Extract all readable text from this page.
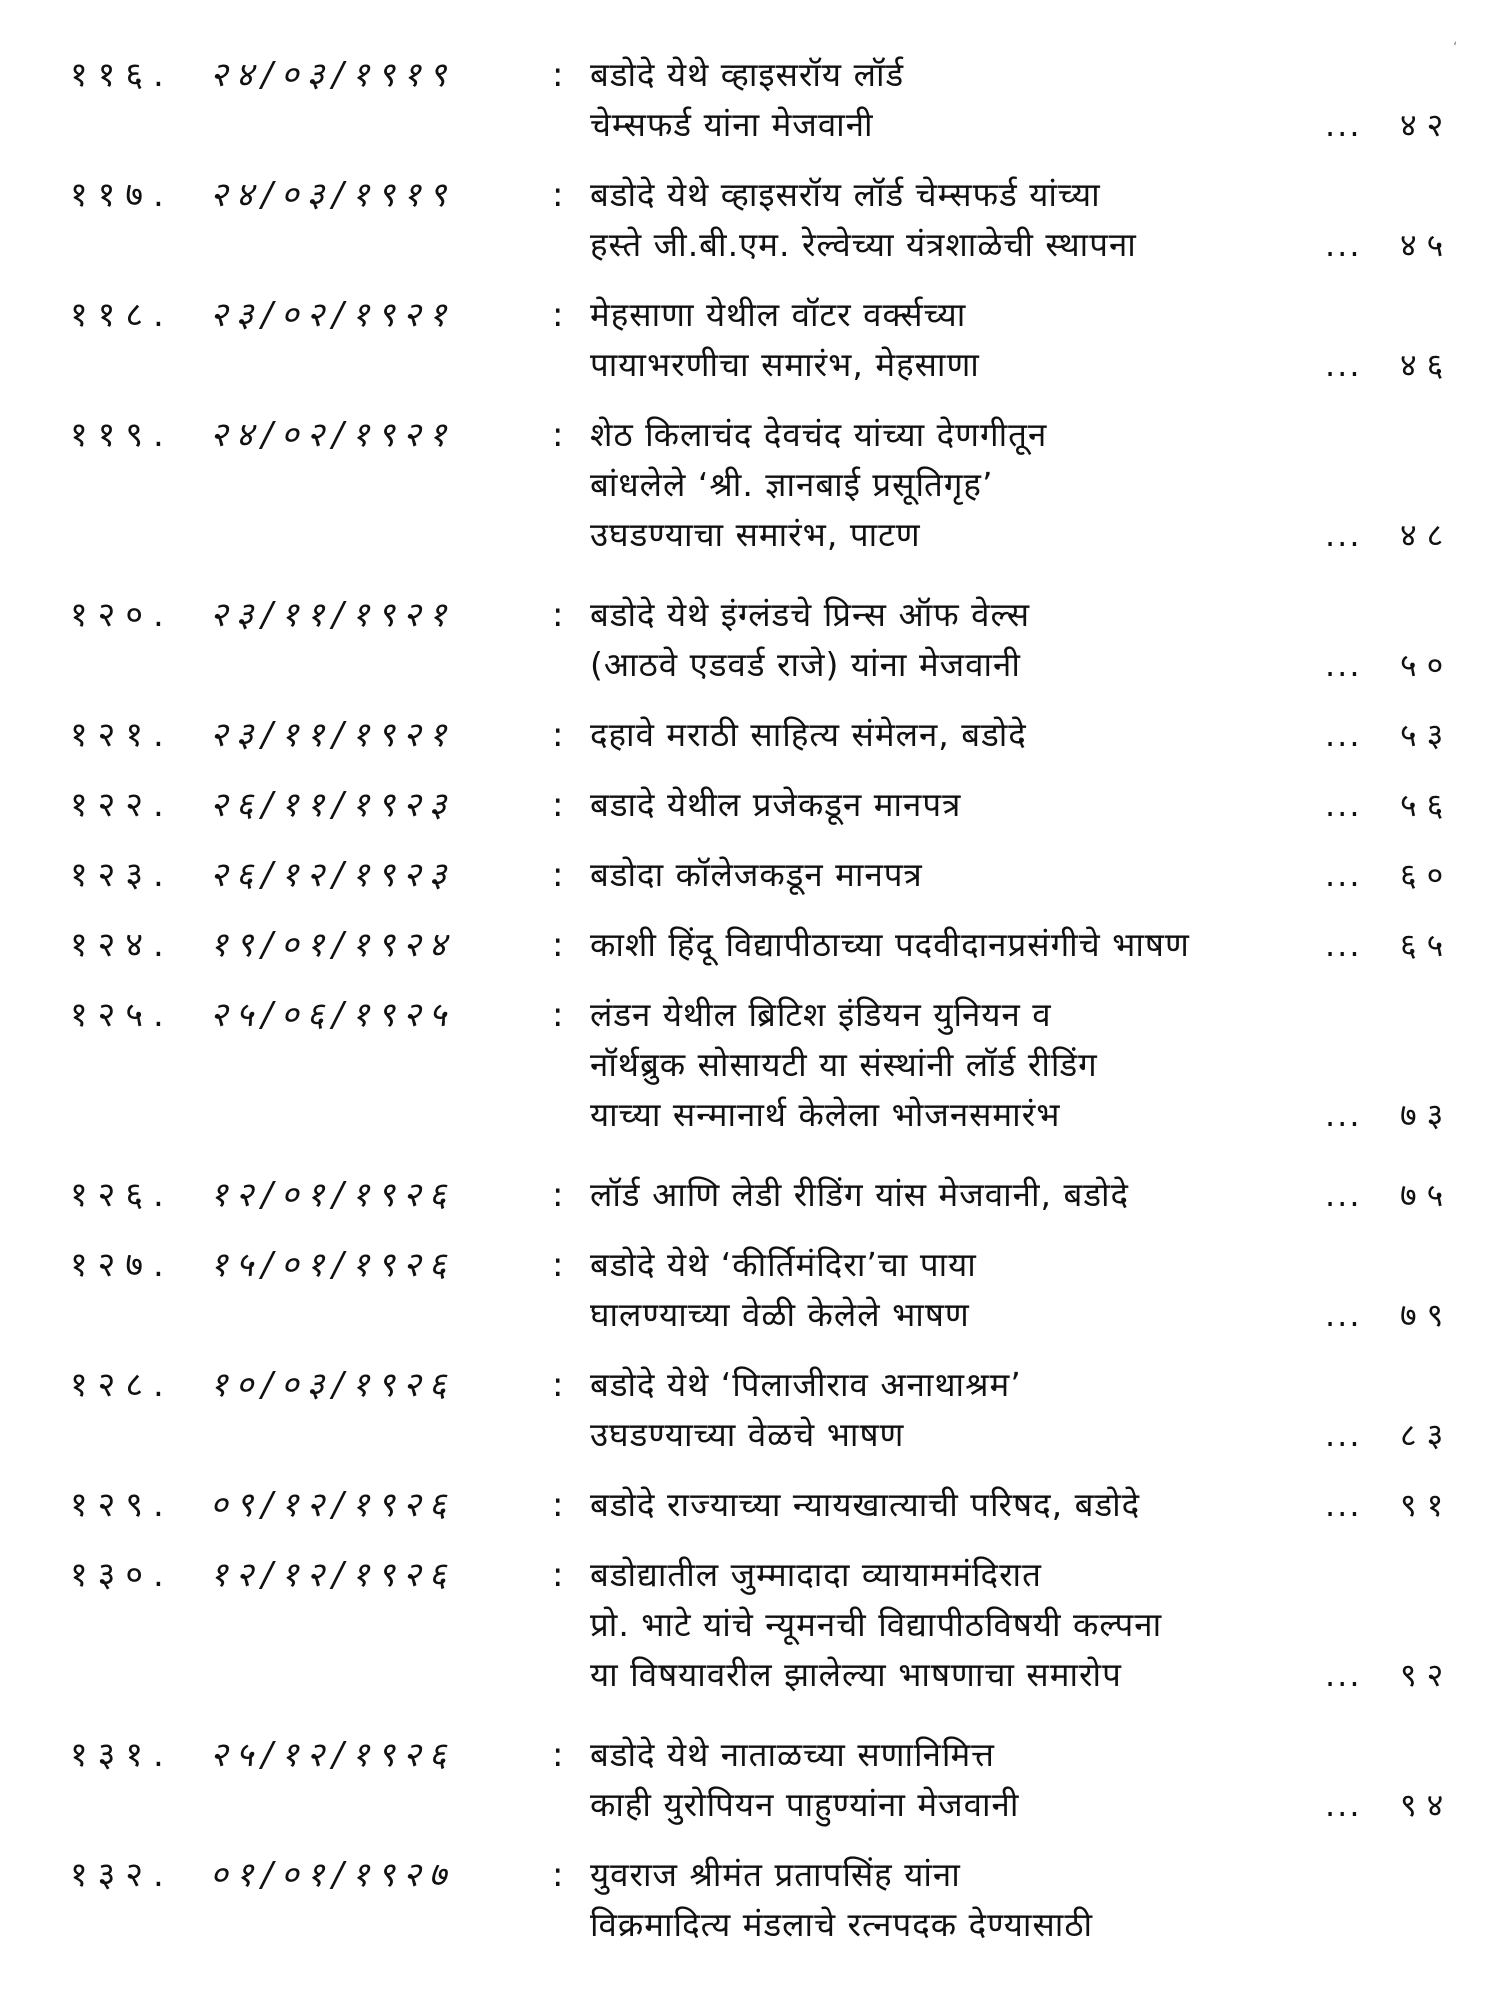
‘
११६. २४/०३/१९१९	: बडोदे येथे व्हाइसरॉय लॉर्ड
चेम्सफर्ड यांना मेजवानी	... ४२
११७. २४/०३/१९१९	: बडोदे येथे व्हाइसरॉय लॉर्ड चेम्सफर्ड यांच्या
हस्ते जी.बी.एम. रेल्वेच्या यंत्रशाळेची स्थापना	... ४५
११८. २३/०२/१९२१	: मेहसाणा येथील वॉटर वर्क्सच्या
पायाभरणीचा समारंभ, मेहसाणा	... ४६
११९. २४/०२/१९२१	: शेठ किलाचंद देवचंद यांच्या देणगीतून
बांधलेले ‘श्री. ज्ञानबाई प्रसूतिगृह’
उघडण्याचा समारंभ, पाटण	... ४८
१२०. २३/११/१९२१	: बडोदे येथे इंग्लंडचे प्रिन्स ऑफ वेल्स
(आठवे एडवर्ड राजे) यांना मेजवानी	... ५०
१२१. २३/११/१९२१	: दहावे मराठी साहित्य संमेलन, बडोदे	... ५३
१२२. २६/११/१९२३	: बडादे येथील प्रजेकडून मानपत्र	... ५६
१२३. २६/१२/१९२३	: बडोदा कॉलेजकडून मानपत्र	... ६०
१२४. १९/०१/१९२४	: काशी हिंदू विद्यापीठाच्या पदवीदानप्रसंगीचे भाषण	... ६५
१२५. २५/०६/१९२५	: लंडन येथील ब्रिटिश इंडियन युनियन व
नॉर्थब्रुक सोसायटी या संस्थांनी लॉर्ड रीडिंग
याच्या सन्मानार्थ केलेला भोजनसमारंभ	... ७३
१२६. १२/०१/१९२६	: लॉर्ड आणि लेडी रीडिंग यांस मेजवानी, बडोदे	... ७५
१२७. १५/०१/१९२६	: बडोदे येथे ‘कीर्तिमंदिरा’चा पाया
घालण्याच्या वेळी केलेले भाषण	... ७९
१२८. १०/०३/१९२६	: बडोदे येथे ‘पिलाजीराव अनाथाश्रम’
उघडण्याच्या वेळचे भाषण	... ८३
१२९. ०९/१२/१९२६	: बडोदे राज्याच्या न्यायखात्याची परिषद, बडोदे	... ९१
१३०. १२/१२/१९२६	: बडोद्यातील जुम्मादादा व्यायाममंदिरात
प्रो. भाटे यांचे न्यूमनची विद्यापीठविषयी कल्पना
या विषयावरील झालेल्या भाषणाचा समारोप	... ९२
१३१. २५/१२/१९२६	: बडोदे येथे नाताळच्या सणानिमित्त
काही युरोपियन पाहुण्यांना मेजवानी	... ९४
१३२. ०१/०१/१९२७	: युवराज श्रीमंत प्रतापसिंह यांना
विक्रमादित्य मंडलाचे रत्नपदक देण्यासाठी
